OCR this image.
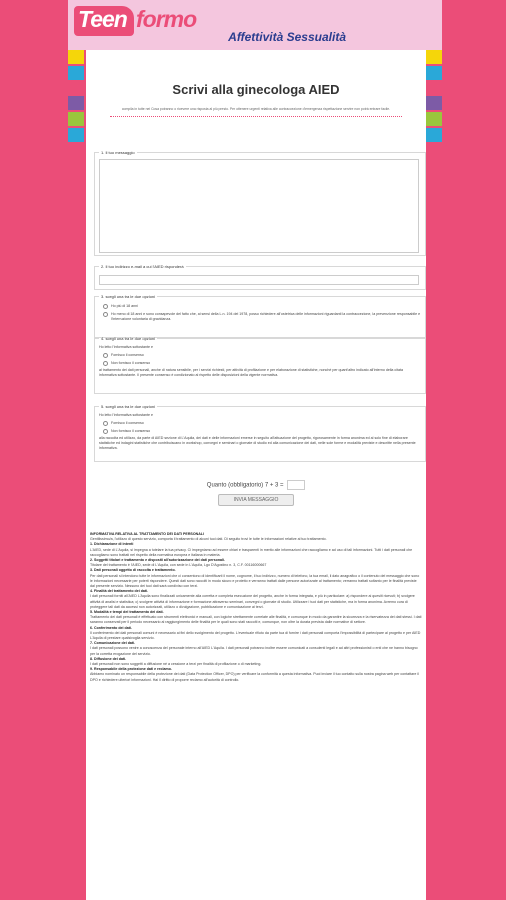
Teen formo
Affettività Sessualità
Scrivi alla ginecologa AIED

compila in tutte nei Cosa potranno o ricevere una risposta al più presto. Per ottenere urgenti relativa alle contraccezione d'emergenza rispettazione servire non potrà entrare facile.

1. Il tuo messaggio
2. Il tuo indirizzo e-mail a cui l'AIED risponderà
3. scegli una tra le due opzioni
Ho più di 18 anni
Ho meno di 18 anni e sono consapevole del fatto che, ai sensi della L.n. 194 del 1978, posso richiedere all'ostetrica delle informazioni riguardanti la contraccezione, la prevenzione responsabile e l'interruzione volontaria di gravidanza.
4. scegli una tra le due opzioni
Ho letto l'informativa sottostante e
Fornisco il consenso
Non fornisco il consenso
al trattamento dei dati personali, anche di natura sensibile, per i servizi richiesti, per attività di profilazione e per elaborazione di statistiche, nonché per quant'altro indicato all'interno della citata informativa sottostante. Il presente consenso è condizionato al rispetto delle disposizioni della vigente normativa.
5. scegli una tra le due opzioni
Ho letto l'informativa sottostante e
Fornisco il consenso
Non fornisco il consenso
alla raccolta ed utilizzo, da parte di AIED sezione di L'Aquila, dei dati e delle informazioni emerse in seguito all'attuazione del progetto, rigorosamente in forma anonima ed al solo fine di elaborare statistiche ed indagini statistiche che contribuiscano in workshop, convegni e seminari o giornate di studio ed alla comunicazione dei dati, nelle sole forme e modalità previste e descritte nella presente informativa.
Quanto (obbligatorio) 7 + 3 =
INVIA MESSAGGIO
INFORMATIVA RELATIVA AL TRATTAMENTO DEI DATI PERSONALI
Gentilissimo/a, l'utilizzo di questo servizio, comporta il trattamento di alcuni tuoi dati. Di seguito trovi le tutte le informazioni relative al tuo trattamento.
1. Dichiarazione di intenti
L'AIED, sede di L'Aquila, si impegna a tutelare la tua privacy. Ci impegniamo ad essere chiari e trasparenti in merito alle informazioni che raccogliamo e ad uso di tali informazioni. Tutti i dati personali che raccogliamo sono trattati nel rispetto della normativa europea e italiana in materia.
2. Soggetti titolari e trattamento e dispositi all'autorizzazione dei dati personali.
Titolare del trattamento è l'AIED, sede di L'Aquila, con sede in L'Aquila, Lgo D'Agostino n. 3, C.F. 00116000667
3. Dati personali oggetto di raccolta e trattamento.
Per dati personali si intendono tutte le informazioni che ci consentono di identificarti il nome, cognome, il tuo indirizzo, numero di telefono, la tua email, il dato anagrafico o il contenuto del messaggio che sono le informazioni necessarie per poterti rispondere. Questi dati sono raccolti in modo sicuro e protetto e verranno trattati dalle persone autorizzate al trattamento; verranno trattati soltanto per le finalità previste dal presente servizio. Nessuno dei tuoi dati sarà condiviso con terzi.
4. Finalità del trattamento dei dati.
I dati personali forniti all'AIED L'Aquila sono finalizzati unicamente alla corretta e completa esecuzione del progetto, anche in forma integrata, e più in particolare: a) rispondere ai quesiti ricevuti; b) svolgere attività di analisi e statistica; c) svolgere attività di informazione e formazione attraverso seminari, convegni o giornate di studio. Utilizzare i tuoi dati per statistiche, ma in forma anonima. Avremo cura di proteggere tali dati da accessi non autorizzati, utilizzo o divulgazione, pubblicazione e comunicazione ai terzi.
5. Modalità e tempi del trattamento dei dati.
Trattamento dei dati personali è effettuato con strumenti elettronici e manuali, con logiche strettamente correlate alle finalità, e comunque in modo da garantire la sicurezza e la riservatezza dei dati stessi. I dati saranno conservati per il periodo necessario al raggiungimento delle finalità per le quali sono stati raccolti e, comunque, non oltre la durata prevista dalle normative di settore.
6. Conferimento dei dati.
Il conferimento dei dati personali comuni è necessario ai fini dello svolgimento del progetto. L'eventuale rifiuto da parte tua di fornire i dati personali comporta l'impossibilità di partecipare al progetto e per AIED L'Aquila di prestare qualsivoglia servizio.
7. Comunicazione dei dati.
I dati personali possono venire a conoscenza del personale interno all'AIED L'Aquila. I dati personali potranno inoltre essere comunicati a consulenti legali e ad altri professionisti o enti che ne hanno bisogno per la corretta erogazione del servizio.
8. Diffusione dei dati.
I dati personali non sono soggetti a diffusione né a cessione a terzi per finalità di profilazione o di marketing.
9. Responsabile della protezione dati e reclamo.
Abbiamo nominato un responsabile della protezione dei dati (Data Protection Officer, DPO) per verificare la conformità a questa informativa. Puoi inviare il tuo contatto sulla nostra pagina web per contattare il DPO e richiedere ulteriori informazioni. Hai il diritto di proporre reclamo all'autorità di controllo.
